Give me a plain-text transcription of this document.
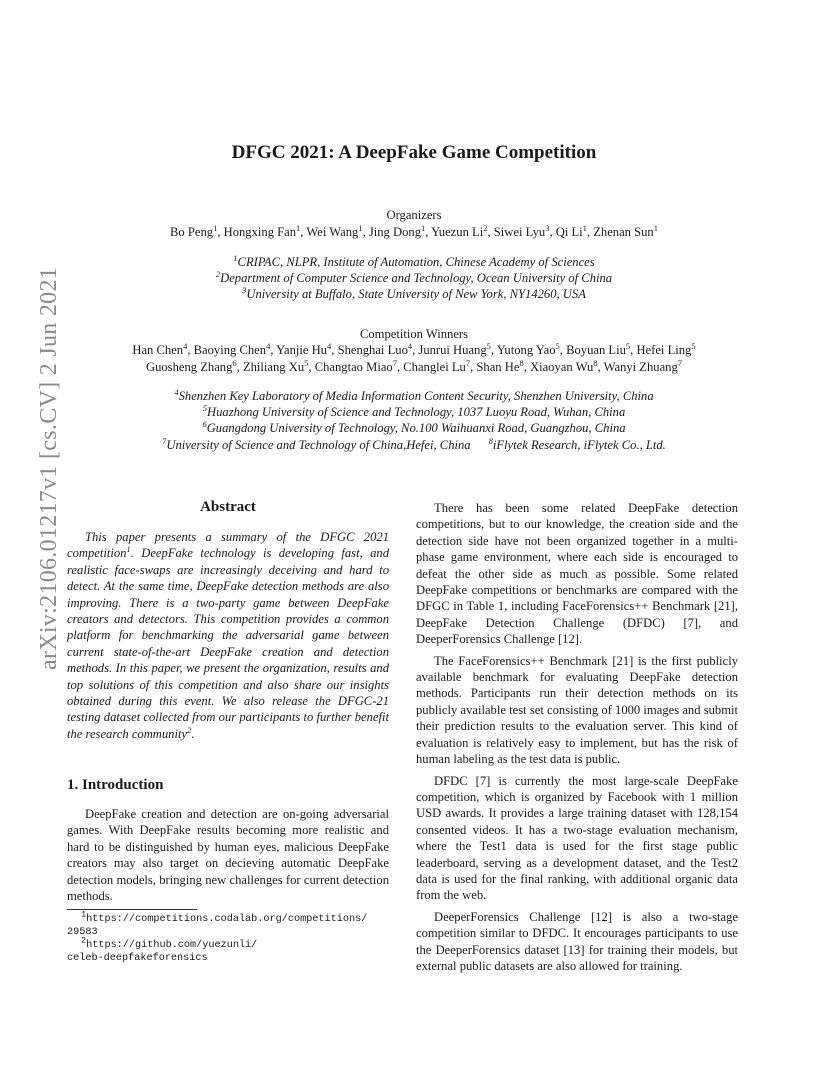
arXiv:2106.01217v1 [cs.CV] 2 Jun 2021
DFGC 2021: A DeepFake Game Competition
Organizers
Bo Peng$^1$, Hongxing Fan$^1$, Wei Wang$^1$, Jing Dong$^1$, Yuezun Li$^2$, Siwei Lyu$^3$, Qi Li$^1$, Zhenan Sun$^1$
$^1$CRIPAC, NLPR, Institute of Automation, Chinese Academy of Sciences
$^2$Department of Computer Science and Technology, Ocean University of China
$^3$University at Buffalo, State University of New York, NY14260, USA
Competition Winners
Han Chen$^4$, Baoying Chen$^4$, Yanjie Hu$^4$, Shenghai Luo$^4$, Junrui Huang$^5$, Yutong Yao$^5$, Boyuan Liu$^5$, Hefei Ling$^5$
Guosheng Zhang$^6$, Zhiliang Xu$^5$, Changtao Miao$^7$, Changlei Lu$^7$, Shan He$^8$, Xiaoyan Wu$^8$, Wanyi Zhuang$^7$
$^4$Shenzhen Key Laboratory of Media Information Content Security, Shenzhen University, China
$^5$Huazhong University of Science and Technology, 1037 Luoyu Road, Wuhan, China
$^6$Guangdong University of Technology, No.100 Waihuanxi Road, Guangzhou, China
$^7$University of Science and Technology of China,Hefei, China $^8$iFlytek Research, iFlytek Co., Ltd.
Abstract

This paper presents a summary of the DFGC 2021 competition$^1$. DeepFake technology is developing fast, and realistic face-swaps are increasingly deceiving and hard to detect. At the same time, DeepFake detection methods are also improving. There is a two-party game between DeepFake creators and detectors. This competition provides a common platform for benchmarking the adversarial game between current state-of-the-art DeepFake creation and detection methods. In this paper, we present the organization, results and top solutions of this competition and also share our insights obtained during this event. We also release the DFGC-21 testing dataset collected from our participants to further benefit the research community$^2$.

1. Introduction

DeepFake creation and detection are on-going adversarial games. With DeepFake results becoming more realistic and hard to be distinguished by human eyes, malicious DeepFake creators may also target on decieving automatic DeepFake detection models, bringing new challenges for current detection methods.

$^1$https://competitions.codalab.org/competitions/
29583
$^2$https://github.com/yuezunli/
celeb-deepfakeforensics

There has been some related DeepFake detection competitions, but to our knowledge, the creation side and the detection side have not been organized together in a multi-phase game environment, where each side is encouraged to defeat the other side as much as possible. Some related DeepFake competitions or benchmarks are compared with the DFGC in Table 1, including FaceForensics++ Benchmark [21], DeepFake Detection Challenge (DFDC) [7], and DeeperForensics Challenge [12].

The FaceForensics++ Benchmark [21] is the first publicly available benchmark for evaluating DeepFake detection methods. Participants run their detection methods on its publicly available test set consisting of 1000 images and submit their prediction results to the evaluation server. This kind of evaluation is relatively easy to implement, but has the risk of human labeling as the test data is public.

DFDC [7] is currently the most large-scale DeepFake competition, which is organized by Facebook with 1 million USD awards. It provides a large training dataset with 128,154 consented videos. It has a two-stage evaluation mechanism, where the Test1 data is used for the first stage public leaderboard, serving as a development dataset, and the Test2 data is used for the final ranking, with additional organic data from the web.

DeeperForensics Challenge [12] is also a two-stage competition similar to DFDC. It encourages participants to use the DeeperForensics dataset [13] for training their models, but external public datasets are also allowed for training.
